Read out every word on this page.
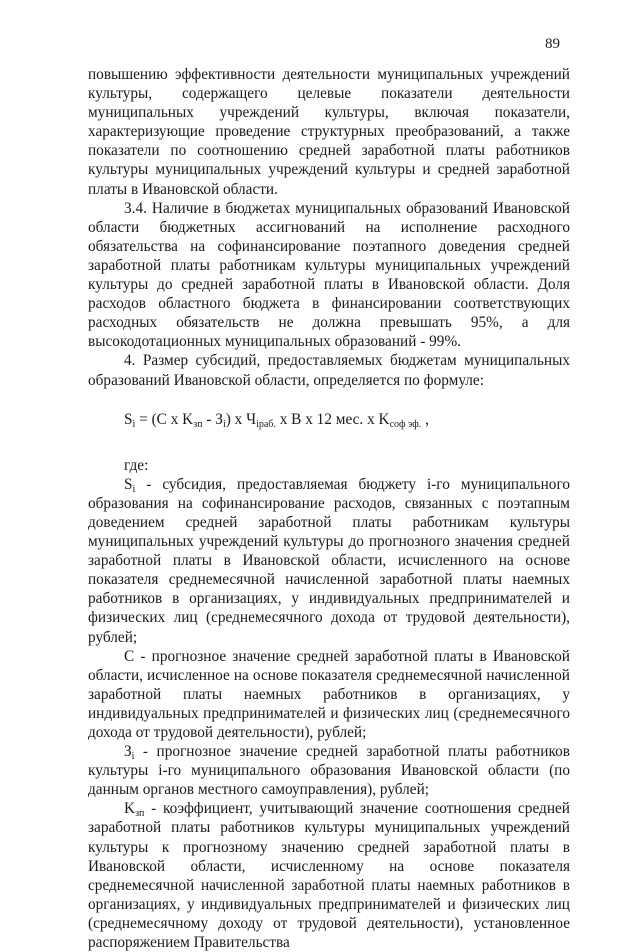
89

повышению эффективности деятельности муниципальных учреждений культуры, содержащего целевые показатели деятельности муниципальных учреждений культуры, включая показатели, характеризующие проведение структурных преобразований, а также показатели по соотношению средней заработной платы работников культуры муниципальных учреждений культуры и средней заработной платы в Ивановской области.

3.4. Наличие в бюджетах муниципальных образований Ивановской области бюджетных ассигнований на исполнение расходного обязательства на софинансирование поэтапного доведения средней заработной платы работникам культуры муниципальных учреждений культуры до средней заработной платы в Ивановской области. Доля расходов областного бюджета в финансировании соответствующих расходных обязательств не должна превышать 95%, а для высокодотационных муниципальных образований - 99%.

4. Размер субсидий, предоставляемых бюджетам муниципальных образований Ивановской области, определяется по формуле:

$S_i = (C$ x $K_{зп} - З_i$) x $Ч_{iраб.}$ x B x 12 мес. x $K_{соф эф.}$ ,

где:

$S_i$ - субсидия, предоставляемая бюджету i-го муниципального образования на софинансирование расходов, связанных с поэтапным доведением средней заработной платы работникам культуры муниципальных учреждений культуры до прогнозного значения средней заработной платы в Ивановской области, исчисленного на основе показателя среднемесячной начисленной заработной платы наемных работников в организациях, у индивидуальных предпринимателей и физических лиц (среднемесячного дохода от трудовой деятельности), рублей;

C - прогнозное значение средней заработной платы в Ивановской области, исчисленное на основе показателя среднемесячной начисленной заработной платы наемных работников в организациях, у индивидуальных предпринимателей и физических лиц (среднемесячного дохода от трудовой деятельности), рублей;

$З_i$ - прогнозное значение средней заработной платы работников культуры i-го муниципального образования Ивановской области (по данным органов местного самоуправления), рублей;

$K_{зп}$ - коэффициент, учитывающий значение соотношения средней заработной платы работников культуры муниципальных учреждений культуры к прогнозному значению средней заработной платы в Ивановской области, исчисленному на основе показателя среднемесячной начисленной заработной платы наемных работников в организациях, у индивидуальных предпринимателей и физических лиц (среднемесячному доходу от трудовой деятельности), установленное распоряжением Правительства
